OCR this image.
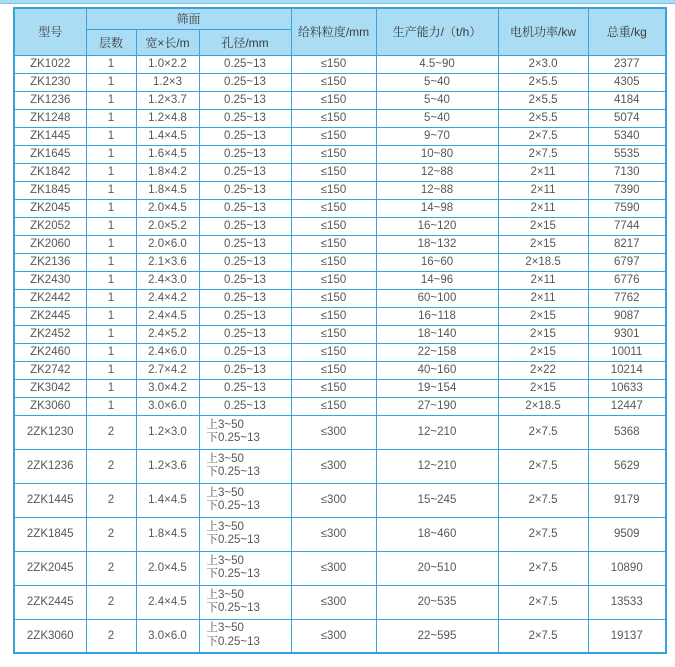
型号	筛面			给料粒度/mm	生产能力/（t/h）	电机功率/kw	总重/kg
	层数	宽×长/m	孔径/mm				
ZK1022	1	1.0×2.2	0.25~13	≤150	4.5~90	2×3.0	2377
ZK1230	1	1.2×3	0.25~13	≤150	5~40	2×5.5	4305
ZK1236	1	1.2×3.7	0.25~13	≤150	5~40	2×5.5	4184
ZK1248	1	1.2×4.8	0.25~13	≤150	5~40	2×5.5	5074
ZK1445	1	1.4×4.5	0.25~13	≤150	9~70	2×7.5	5340
ZK1645	1	1.6×4.5	0.25~13	≤150	10~80	2×7.5	5535
ZK1842	1	1.8×4.2	0.25~13	≤150	12~88	2×11	7130
ZK1845	1	1.8×4.5	0.25~13	≤150	12~88	2×11	7390
ZK2045	1	2.0×4.5	0.25~13	≤150	14~98	2×11	7590
ZK2052	1	2.0×5.2	0.25~13	≤150	16~120	2×15	7744
ZK2060	1	2.0×6.0	0.25~13	≤150	18~132	2×15	8217
ZK2136	1	2.1×3.6	0.25~13	≤150	16~60	2×18.5	6797
ZK2430	1	2.4×3.0	0.25~13	≤150	14~96	2×11	6776
ZK2442	1	2.4×4.2	0.25~13	≤150	60~100	2×11	7762
ZK2445	1	2.4×4.5	0.25~13	≤150	16~118	2×15	9087
ZK2452	1	2.4×5.2	0.25~13	≤150	18~140	2×15	9301
ZK2460	1	2.4×6.0	0.25~13	≤150	22~158	2×15	10011
ZK2742	1	2.7×4.2	0.25~13	≤150	40~160	2×22	10214
ZK3042	1	3.0×4.2	0.25~13	≤150	19~154	2×15	10633
ZK3060	1	3.0×6.0	0.25~13	≤150	27~190	2×18.5	12447
2ZK1230	2	1.2×3.0	上3~50
下0.25~13	≤300	12~210	2×7.5	5368
2ZK1236	2	1.2×3.6	上3~50
下0.25~13	≤300	12~210	2×7.5	5629
2ZK1445	2	1.4×4.5	上3~50
下0.25~13	≤300	15~245	2×7.5	9179
2ZK1845	2	1.8×4.5	上3~50
下0.25~13	≤300	18~460	2×7.5	9509
2ZK2045	2	2.0×4.5	上3~50
下0.25~13	≤300	20~510	2×7.5	10890
2ZK2445	2	2.4×4.5	上3~50
下0.25~13	≤300	20~535	2×7.5	13533
2ZK3060	2	3.0×6.0	上3~50
下0.25~13	≤300	22~595	2×7.5	19137
